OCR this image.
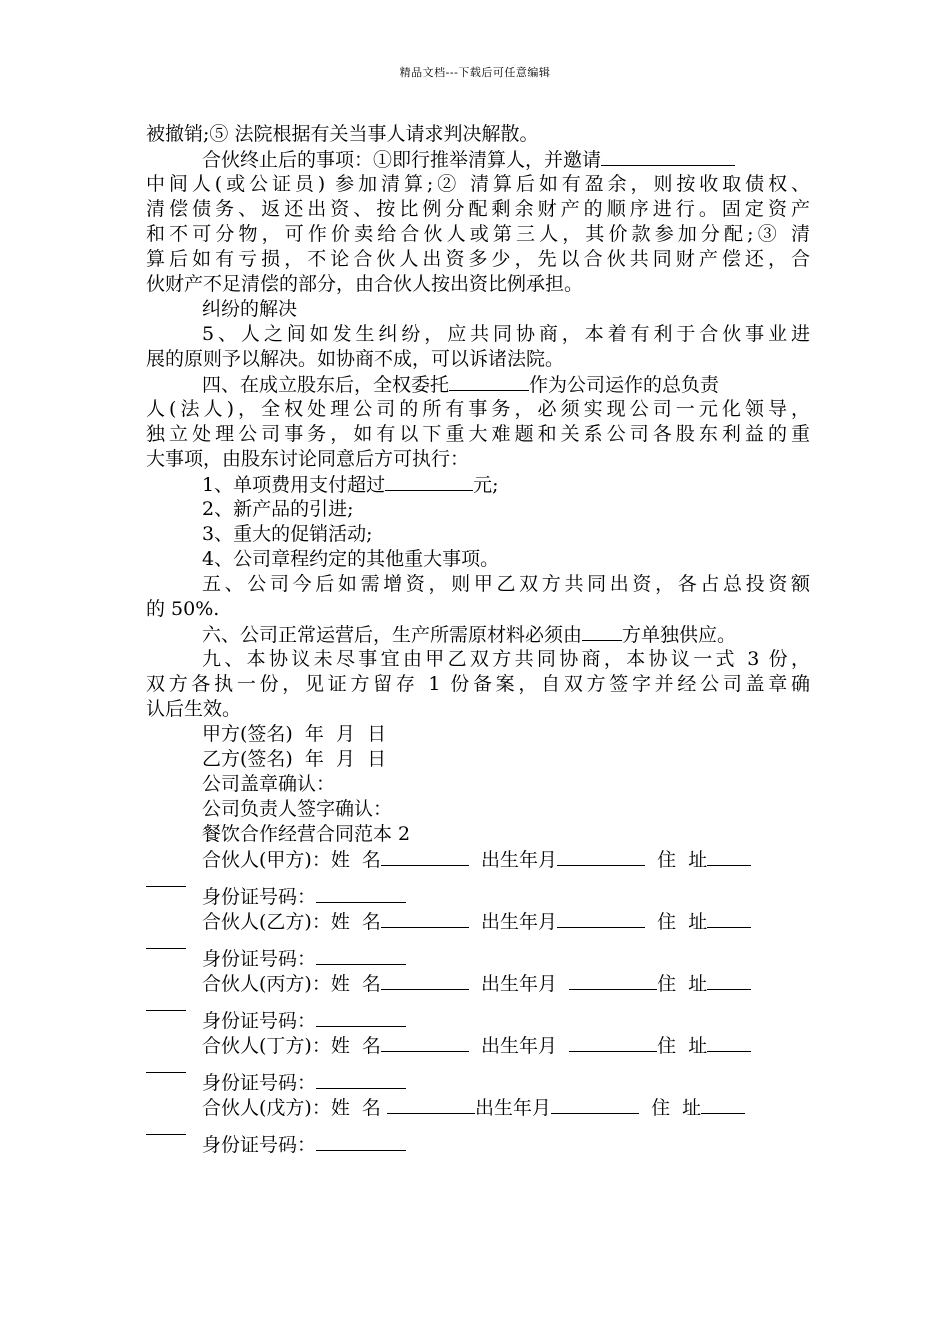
精品文档---下载后可任意编辑
被撤销;⑤ 法院根据有关当事人请求判决解散。
合伙终止后的事项：①即行推举清算人，并邀请
中间人(或公证员) 参加清算;② 清算后如有盈余，则按收取债权、
清偿债务、返还出资、按比例分配剩余财产的顺序进行。固定资产
和不可分物，可作价卖给合伙人或第三人，其价款参加分配;③ 清
算后如有亏损，不论合伙人出资多少，先以合伙共同财产偿还，合
伙财产不足清偿的部分，由合伙人按出资比例承担。
纠纷的解决
5、人之间如发生纠纷，应共同协商，本着有利于合伙事业进
展的原则予以解决。如协商不成，可以诉诸法院。
四、在成立股东后，全权委托	作为公司运作的总负责
人(法人)，全权处理公司的所有事务，必须实现公司一元化领导，
独立处理公司事务，如有以下重大难题和关系公司各股东利益的重
大事项，由股东讨论同意后方可执行：
1、单项费用支付超过	元;
2、新产品的引进;
3、重大的促销活动;
4、公司章程约定的其他重大事项。
五、公司今后如需增资，则甲乙双方共同出资，各占总投资额
的 50%.
六、公司正常运营后，生产所需原材料必须由 方单独供应。
九、本协议未尽事宜由甲乙双方共同协商，本协议一式 3 份，
双方各执一份，见证方留存 1 份备案，自双方签字并经公司盖章确
认后生效。
甲方(签名)  年  月  日
乙方(签名)  年  月  日
公司盖章确认：
公司负责人签字确认：
餐饮合作经营合同范本 2
合伙人(甲方)：姓  名	出生年月	住  址
身份证号码：
合伙人(乙方)：姓  名	出生年月	住  址
身份证号码：
合伙人(丙方)：姓  名	出生年月	住  址
身份证号码：
合伙人(丁方)：姓  名	出生年月	住  址
身份证号码：
合伙人(戊方)：姓  名	出生年月	住  址
身份证号码：
